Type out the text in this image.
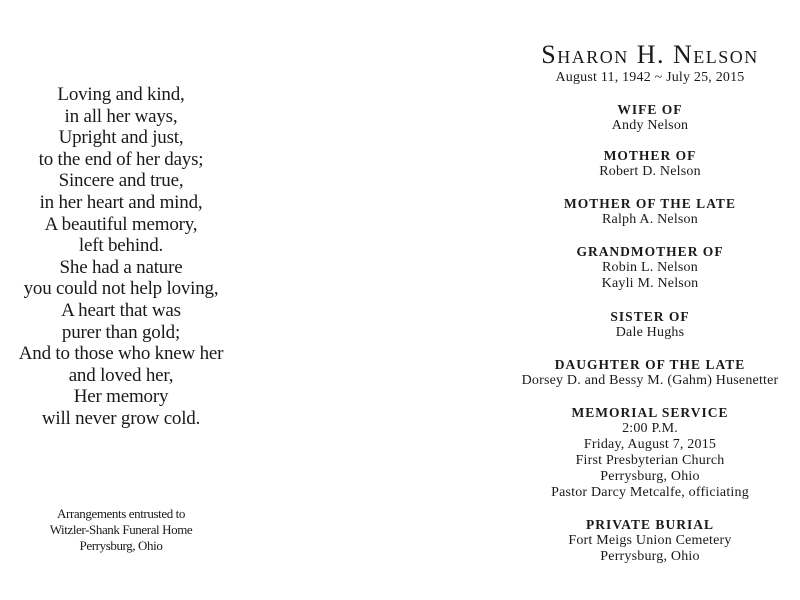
Loving and kind,
in all her ways,
Upright and just,
to the end of her days;
Sincere and true,
in her heart and mind,
A beautiful memory,
left behind.
She had a nature
you could not help loving,
A heart that was
purer than gold;
And to those who knew her
and loved her,
Her memory
will never grow cold.
Arrangements entrusted to
Witzler-Shank Funeral Home
Perrysburg, Ohio
Sharon H. Nelson
August 11, 1942 ~ July 25, 2015
WIFE OF
Andy Nelson
MOTHER OF
Robert D. Nelson
MOTHER OF THE LATE
Ralph A. Nelson
GRANDMOTHER OF
Robin L. Nelson
Kayli M. Nelson
SISTER OF
Dale Hughs
DAUGHTER OF THE LATE
Dorsey D. and Bessy M. (Gahm) Husenetter
MEMORIAL SERVICE
2:00 P.M.
Friday, August 7, 2015
First Presbyterian Church
Perrysburg, Ohio
Pastor Darcy Metcalfe, officiating
PRIVATE BURIAL
Fort Meigs Union Cemetery
Perrysburg, Ohio
